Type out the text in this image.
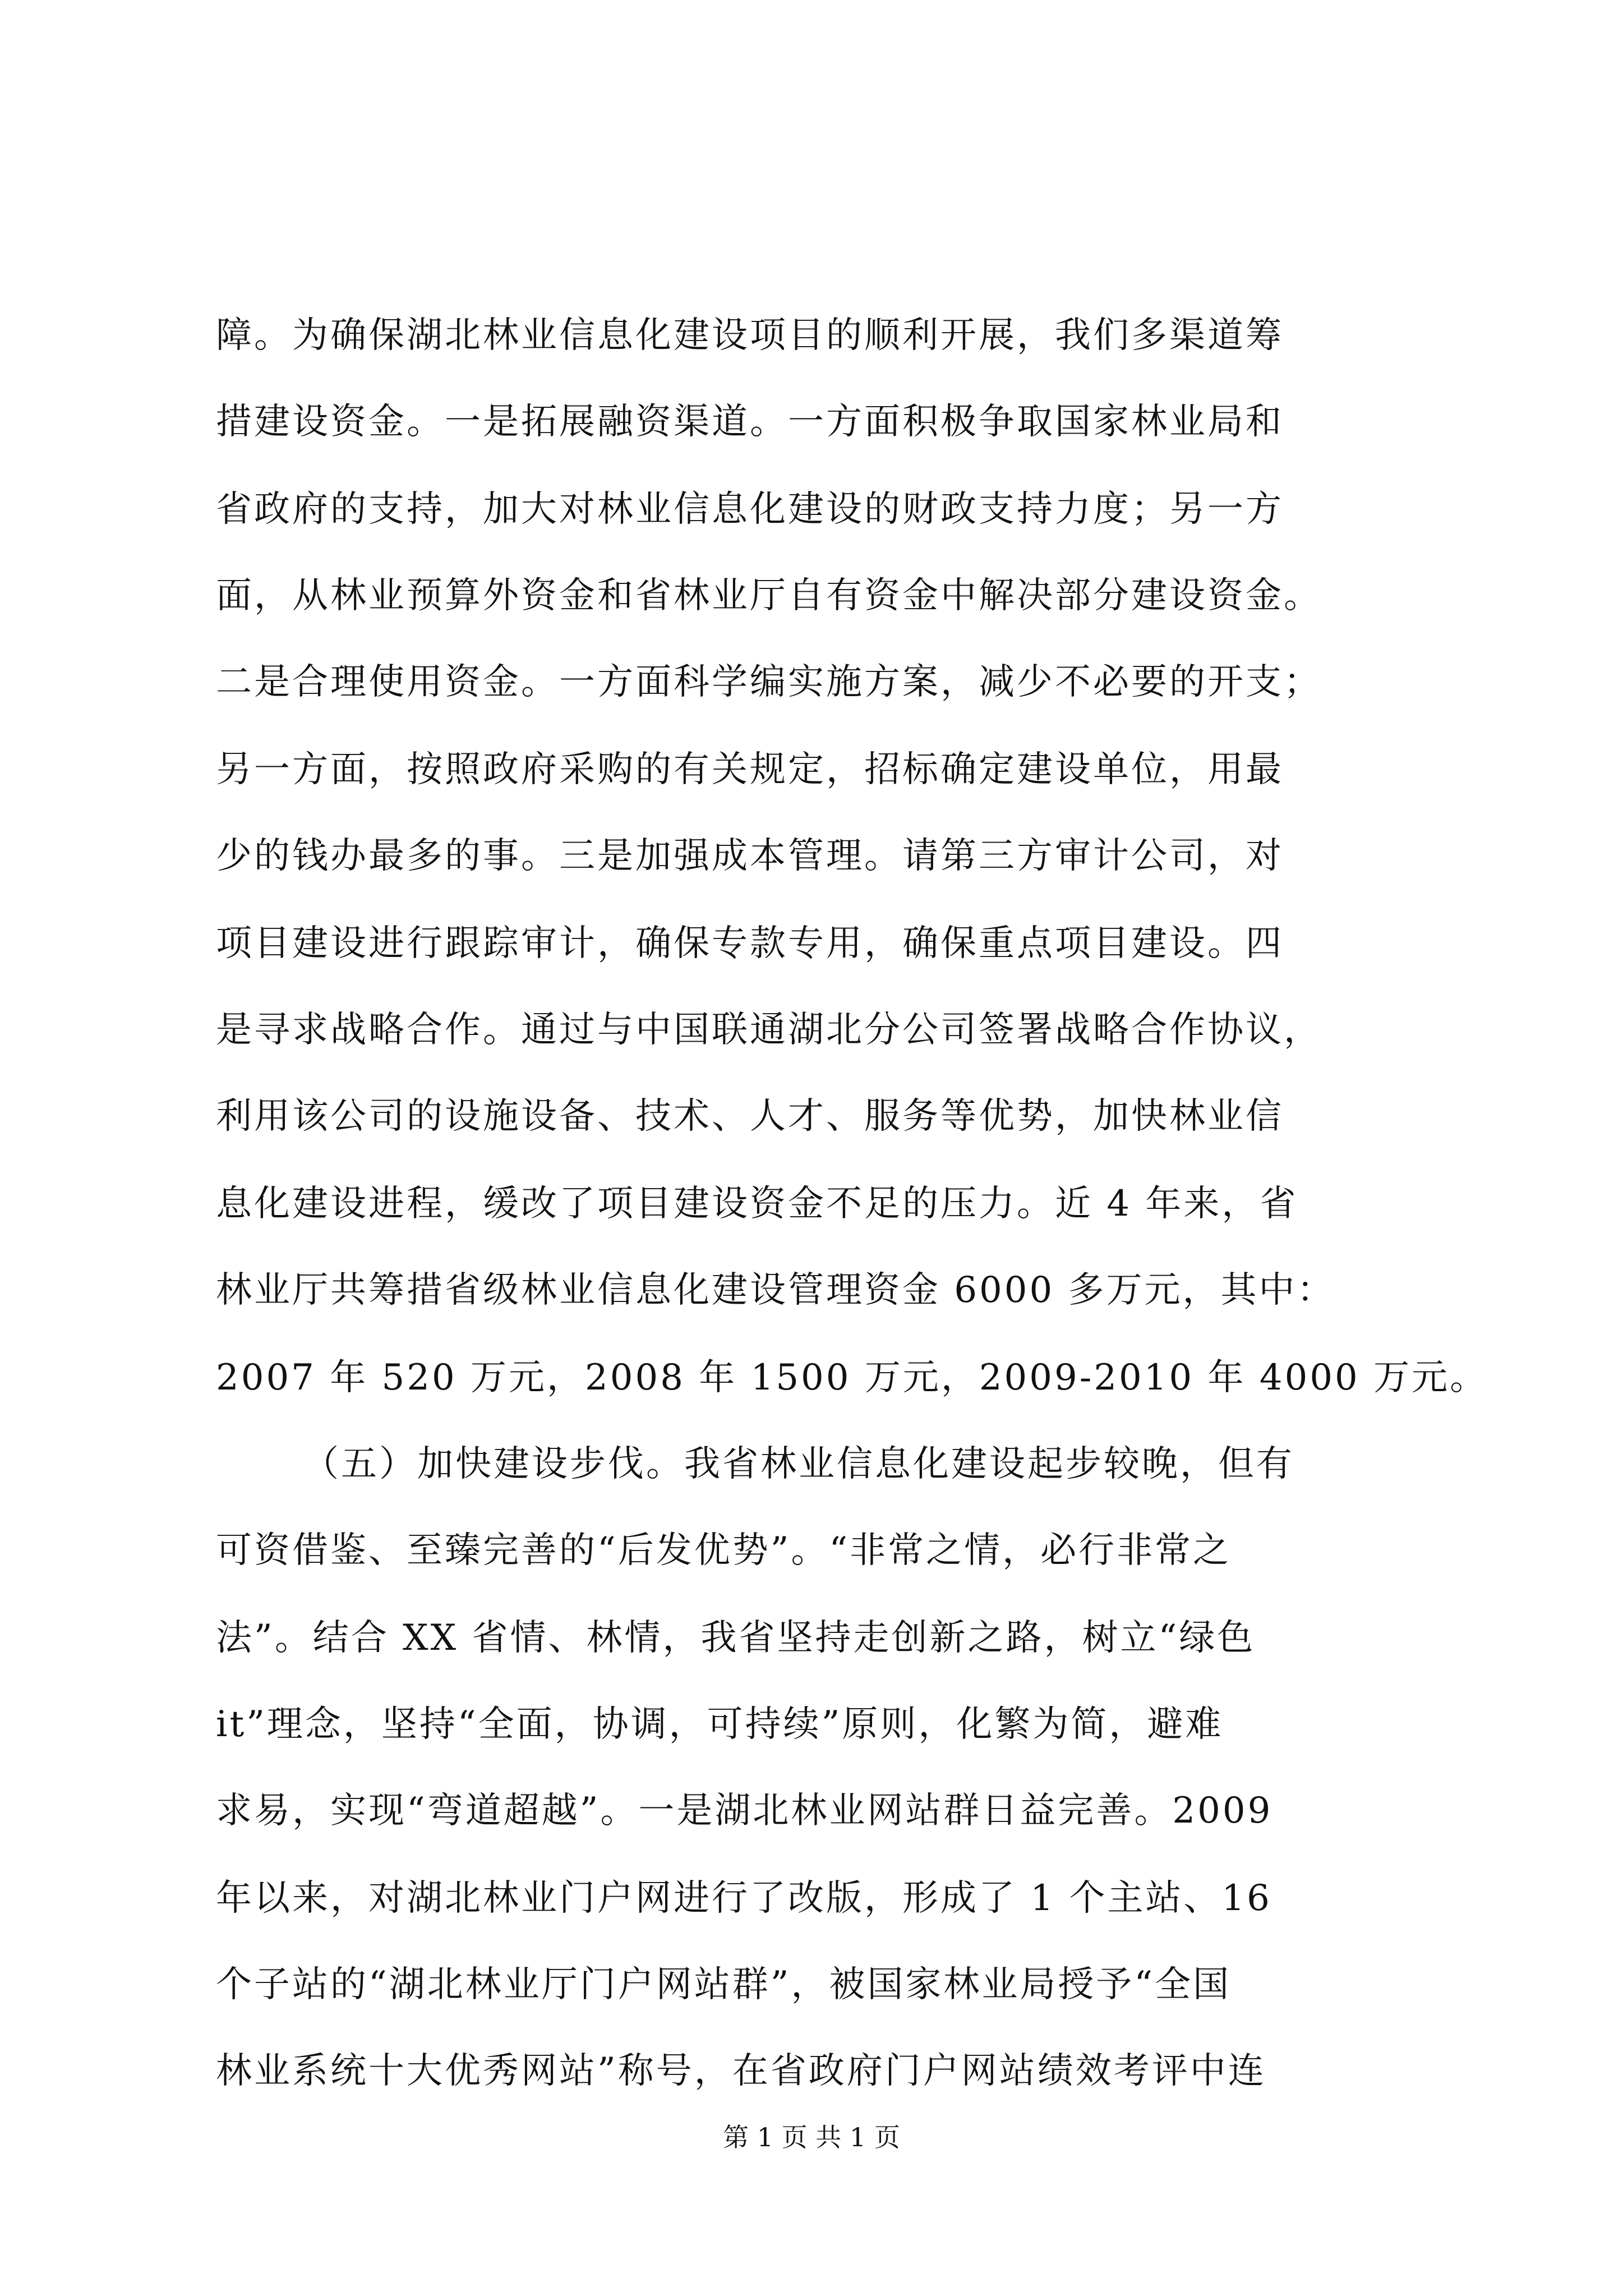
障。为确保湖北林业信息化建设项目的顺利开展，我们多渠道筹
措建设资金。一是拓展融资渠道。一方面积极争取国家林业局和
省政府的支持，加大对林业信息化建设的财政支持力度；另一方
面，从林业预算外资金和省林业厅自有资金中解决部分建设资金。
二是合理使用资金。一方面科学编实施方案，减少不必要的开支；
另一方面，按照政府采购的有关规定，招标确定建设单位，用最
少的钱办最多的事。三是加强成本管理。请第三方审计公司，对
项目建设进行跟踪审计，确保专款专用，确保重点项目建设。四
是寻求战略合作。通过与中国联通湖北分公司签署战略合作协议，
利用该公司的设施设备、技术、人才、服务等优势，加快林业信
息化建设进程，缓改了项目建设资金不足的压力。近 4 年来，省
林业厅共筹措省级林业信息化建设管理资金 6000 多万元，其中：
2007 年 520 万元，2008 年 1500 万元，2009-2010 年 4000 万元。
（五）加快建设步伐。我省林业信息化建设起步较晚，但有
可资借鉴、至臻完善的“后发优势”。“非常之情，必行非常之
法”。结合 XX 省情、林情，我省坚持走创新之路，树立“绿色
it”理念，坚持“全面，协调，可持续”原则，化繁为简，避难
求易，实现“弯道超越”。一是湖北林业网站群日益完善。2009
年以来，对湖北林业门户网进行了改版，形成了 1 个主站、16
个子站的“湖北林业厅门户网站群”，被国家林业局授予“全国
林业系统十大优秀网站”称号，在省政府门户网站绩效考评中连
第 1 页 共 1 页
